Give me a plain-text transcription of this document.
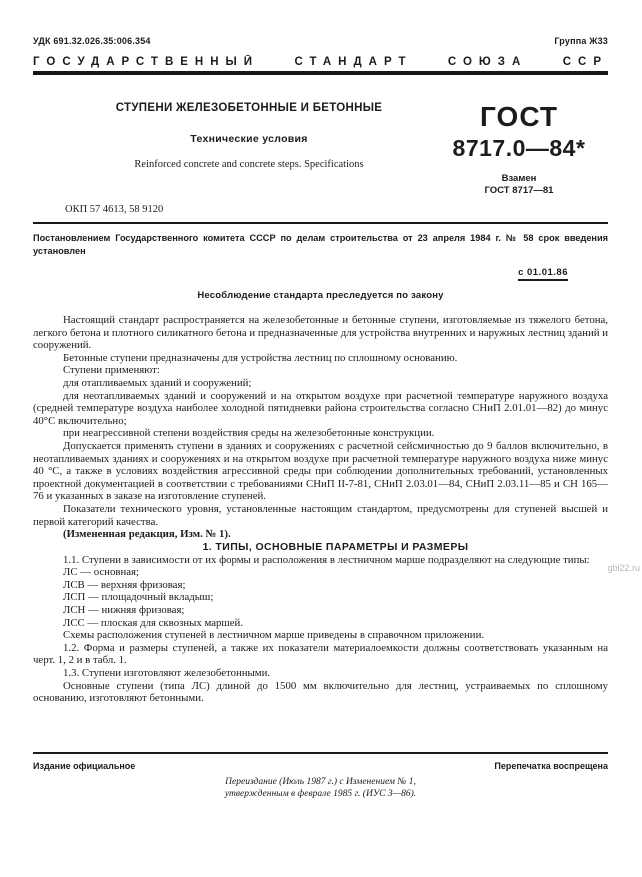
УДК 691.32.026.35:006.354	Группа Ж33
ГОСУДАРСТВЕННЫЙ СТАНДАРТ СОЮЗА ССР
СТУПЕНИ ЖЕЛЕЗОБЕТОННЫЕ И БЕТОННЫЕ
Технические условия
Reinforced concrete and concrete steps. Specifications
ГОСТ
8717.0—84*
Взамен
ГОСТ 8717—81
ОКП 57 4613, 58 9120

Постановлением Государственного комитета СССР по делам строительства от 23 апреля 1984 г. № 58 срок введения установлен

с 01.01.86

Несоблюдение стандарта преследуется по закону

Настоящий стандарт распространяется на железобетонные и бетонные ступени, изготовляемые из тяжелого бетона, легкого бетона и плотного силикатного бетона и предназначенные для устройства внутренних и наружных лестниц зданий и сооружений.

Бетонные ступени предназначены для устройства лестниц по сплошному основанию.

Ступени применяют:

для отапливаемых зданий и сооружений;

для неотапливаемых зданий и сооружений и на открытом воздухе при расчетной температуре наружного воздуха (средней температуре воздуха наиболее холодной пятидневки района строительства согласно СНиП 2.01.01—82) до минус 40°С включительно;

при неагрессивной степени воздействия среды на железобетонные конструкции.

Допускается применять ступени в зданиях и сооружениях с расчетной сейсмичностью до 9 баллов включительно, в неотапливаемых зданиях и сооружениях и на открытом воздухе при расчетной температуре наружного воздуха ниже минус 40 °С, а также в условиях воздействия агрессивной среды при соблюдении дополнительных требований, установленных проектной документацией в соответствии с требованиями СНиП II-7-81, СНиП 2.03.01—84, СНиП 2.03.11—85 и СН 165—76 и указанных в заказе на изготовление ступеней.

Показатели технического уровня, установленные настоящим стандартом, предусмотрены для ступеней высшей и первой категорий качества.

(Измененная редакция, Изм. № 1).

1. ТИПЫ, ОСНОВНЫЕ ПАРАМЕТРЫ И РАЗМЕРЫ

1.1. Ступени в зависимости от их формы и расположения в лестничном марше подразделяют на следующие типы:

ЛС — основная;

ЛСВ — верхняя фризовая;

ЛСП — площадочный вкладыш;

ЛСН — нижняя фризовая;

ЛСС — плоская для сквозных маршей.

Схемы расположения ступеней в лестничном марше приведены в справочном приложении.

1.2. Форма и размеры ступеней, а также их показатели материалоемкости должны соответствовать указанным на черт. 1, 2 и в табл. 1.

1.3. Ступени изготовляют железобетонными.

Основные ступени (типа ЛС) длиной до 1500 мм включительно для лестниц, устраиваемых по сплошному основанию, изготовляют бетонными.

Издание официальное	Перепечатка воспрещена
Переиздание (Июль 1987 г.) с Изменением № 1,
утвержденным в феврале 1985 г. (ИУС 3—86).
gbi22.ru
